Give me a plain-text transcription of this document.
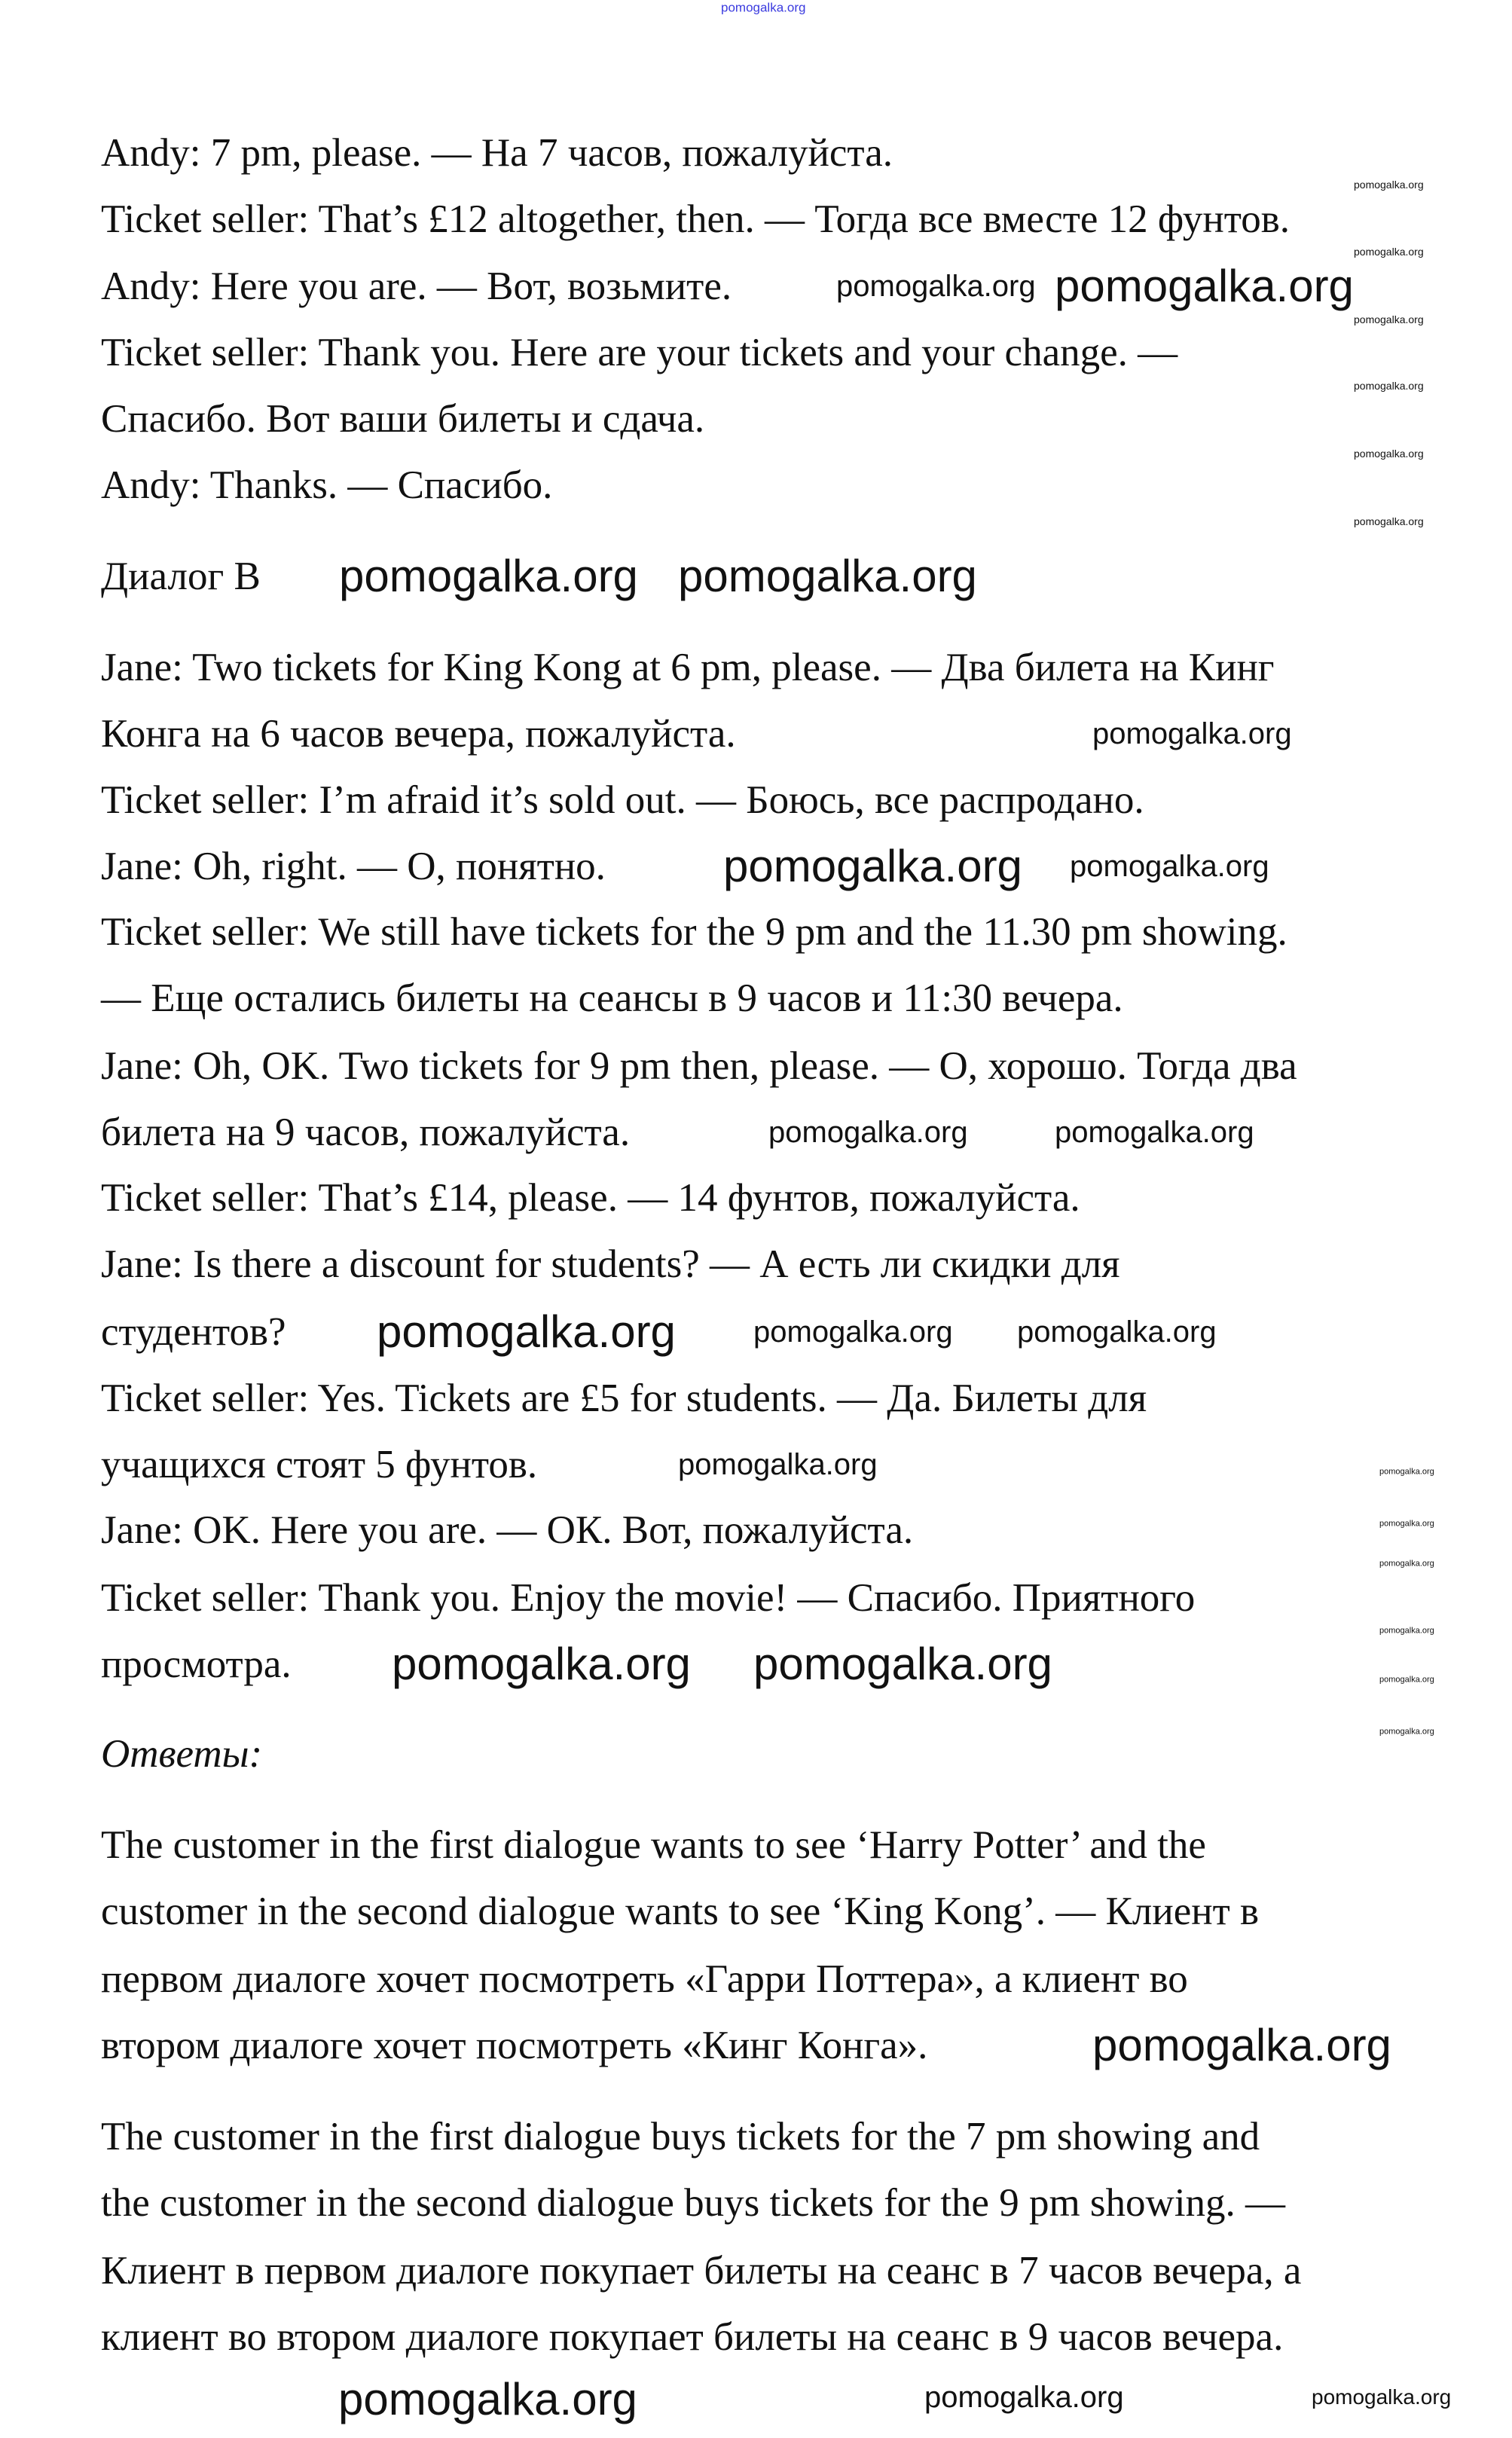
pomogalka.org
Andy: 7 pm, please. — На 7 часов, пожалуйста.
Ticket seller: That’s £12 altogether, then. — Тогда все вместе 12 фунтов.
Andy: Here you are. — Вот, возьмите.
Ticket seller: Thank you. Here are your tickets and your change. —
Спасибо. Вот ваши билеты и сдача.
Andy: Thanks. — Спасибо.
Диалог B
Jane: Two tickets for King Kong at 6 pm, please. — Два билета на Кинг
Конга на 6 часов вечера, пожалуйста.
Ticket seller: I’m afraid it’s sold out. — Боюсь, все распродано.
Jane: Oh, right. — О, понятно.
Ticket seller: We still have tickets for the 9 pm and the 11.30 pm showing.
— Еще остались билеты на сеансы в 9 часов и 11:30 вечера.
Jane: Oh, OK. Two tickets for 9 pm then, please. — О, хорошо. Тогда два
билета на 9 часов, пожалуйста.
Ticket seller: That’s £14, please. — 14 фунтов, пожалуйста.
Jane: Is there a discount for students? — А есть ли скидки для
студентов?
Ticket seller: Yes. Tickets are £5 for students. — Да. Билеты для
учащихся стоят 5 фунтов.
Jane: OK. Here you are. — ОК. Вот, пожалуйста.
Ticket seller: Thank you. Enjoy the movie! — Спасибо. Приятного
просмотра.
Ответы:
The customer in the first dialogue wants to see ‘Harry Potter’ and the
customer in the second dialogue wants to see ‘King Kong’. — Клиент в
первом диалоге хочет посмотреть «Гарри Поттера», а клиент во
втором диалоге хочет посмотреть «Кинг Конга».
The customer in the first dialogue buys tickets for the 7 pm showing and
the customer in the second dialogue buys tickets for the 9 pm showing. —
Клиент в первом диалоге покупает билеты на сеанс в 7 часов вечера, а
клиент во втором диалоге покупает билеты на сеанс в 9 часов вечера.
pomogalka.org
pomogalka.org
pomogalka.org
pomogalka.org
pomogalka.org
pomogalka.org
pomogalka.org
pomogalka.org
pomogalka.org
pomogalka.org
pomogalka.org
pomogalka.org
pomogalka.org
pomogalka.org
pomogalka.org
pomogalka.org
pomogalka.org
pomogalka.org
pomogalka.org
pomogalka.org
pomogalka.org	pomogalka.org
pomogalka.org
pomogalka.org pomogalka.org
pomogalka.org
pomogalka.org
pomogalka.org
pomogalka.org
pomogalka.org
pomogalka.org
